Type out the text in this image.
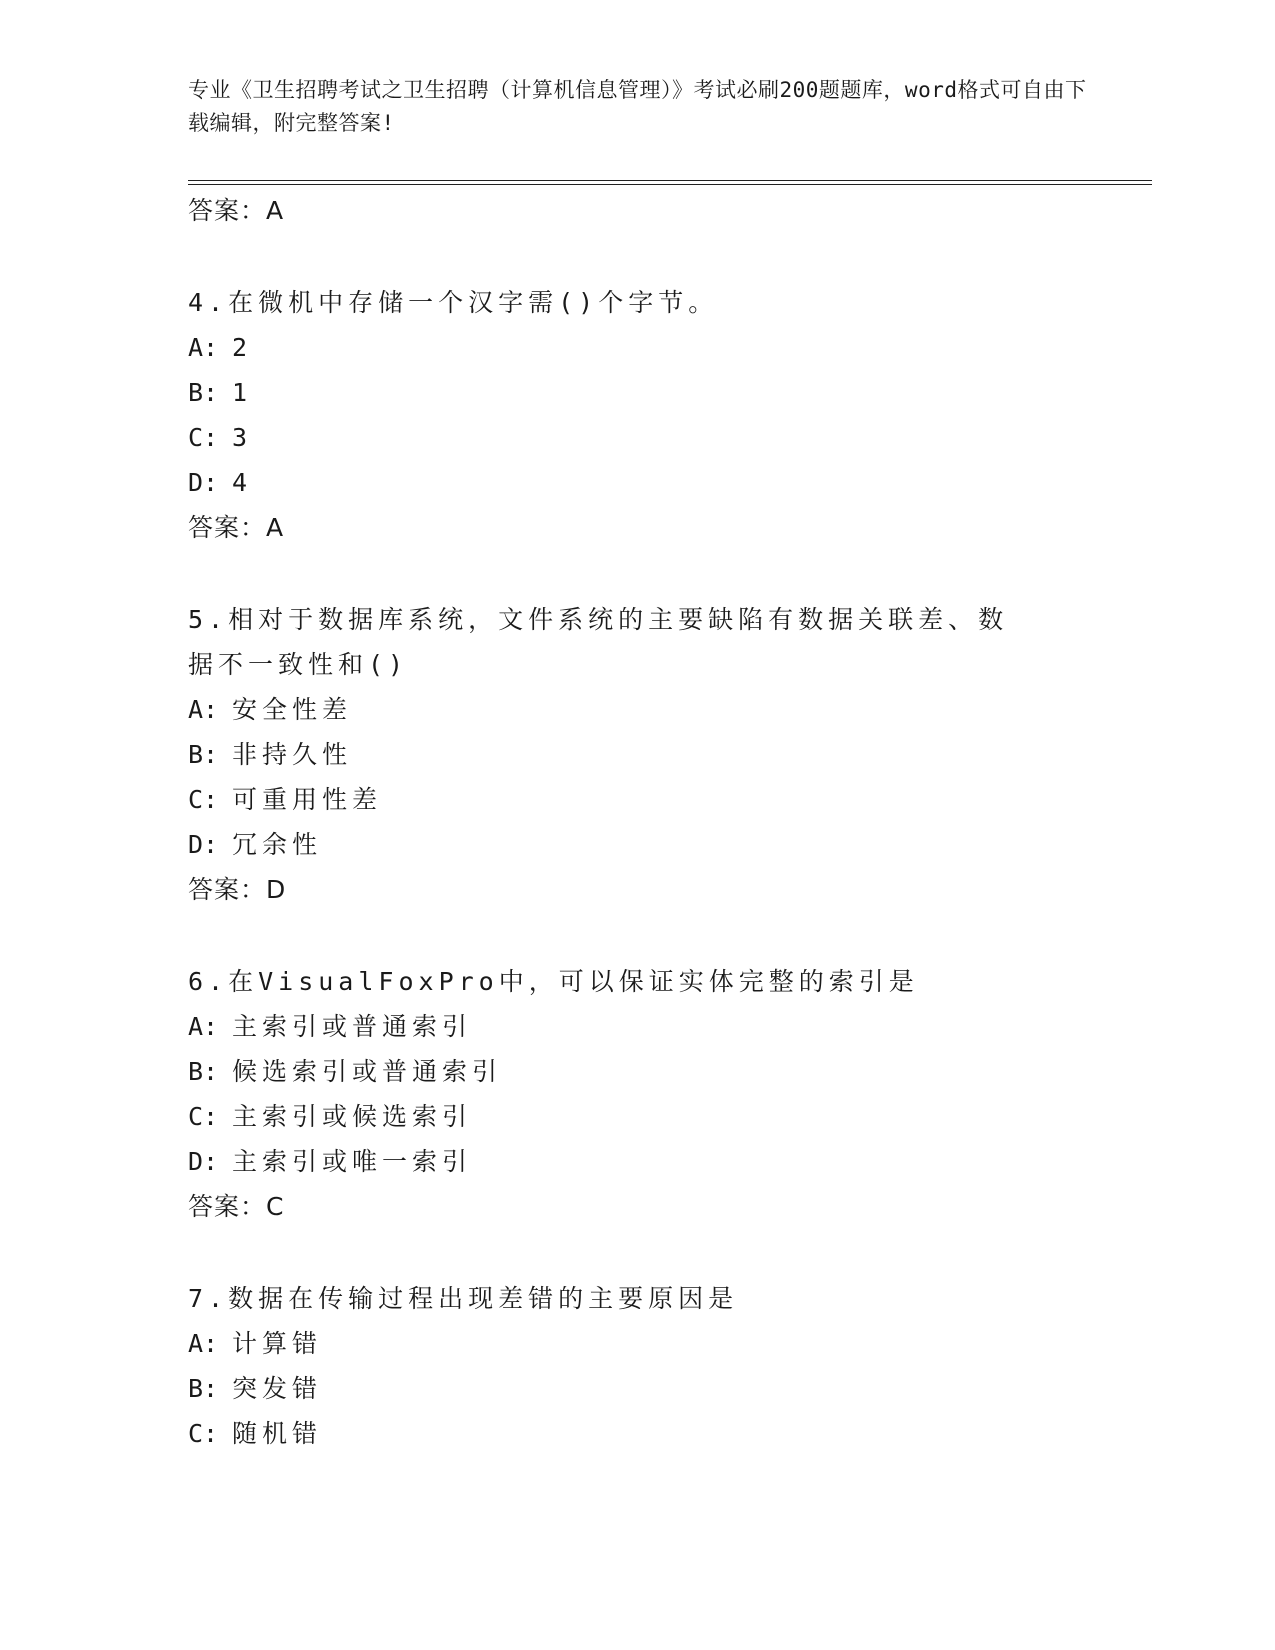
专业《卫生招聘考试之卫生招聘（计算机信息管理）》考试必刷200题题库，word格式可自由下载编辑，附完整答案!
答案：A
4.在微机中存储一个汉字需()个字节。
A: 2
B: 1
C: 3
D: 4
答案：A
5.相对于数据库系统，文件系统的主要缺陷有数据关联差、数据不一致性和()
A: 安全性差
B: 非持久性
C: 可重用性差
D: 冗余性
答案：D
6.在VisualFoxPro中，可以保证实体完整的索引是
A: 主索引或普通索引
B: 候选索引或普通索引
C: 主索引或候选索引
D: 主索引或唯一索引
答案：C
7.数据在传输过程出现差错的主要原因是
A: 计算错
B: 突发错
C: 随机错
